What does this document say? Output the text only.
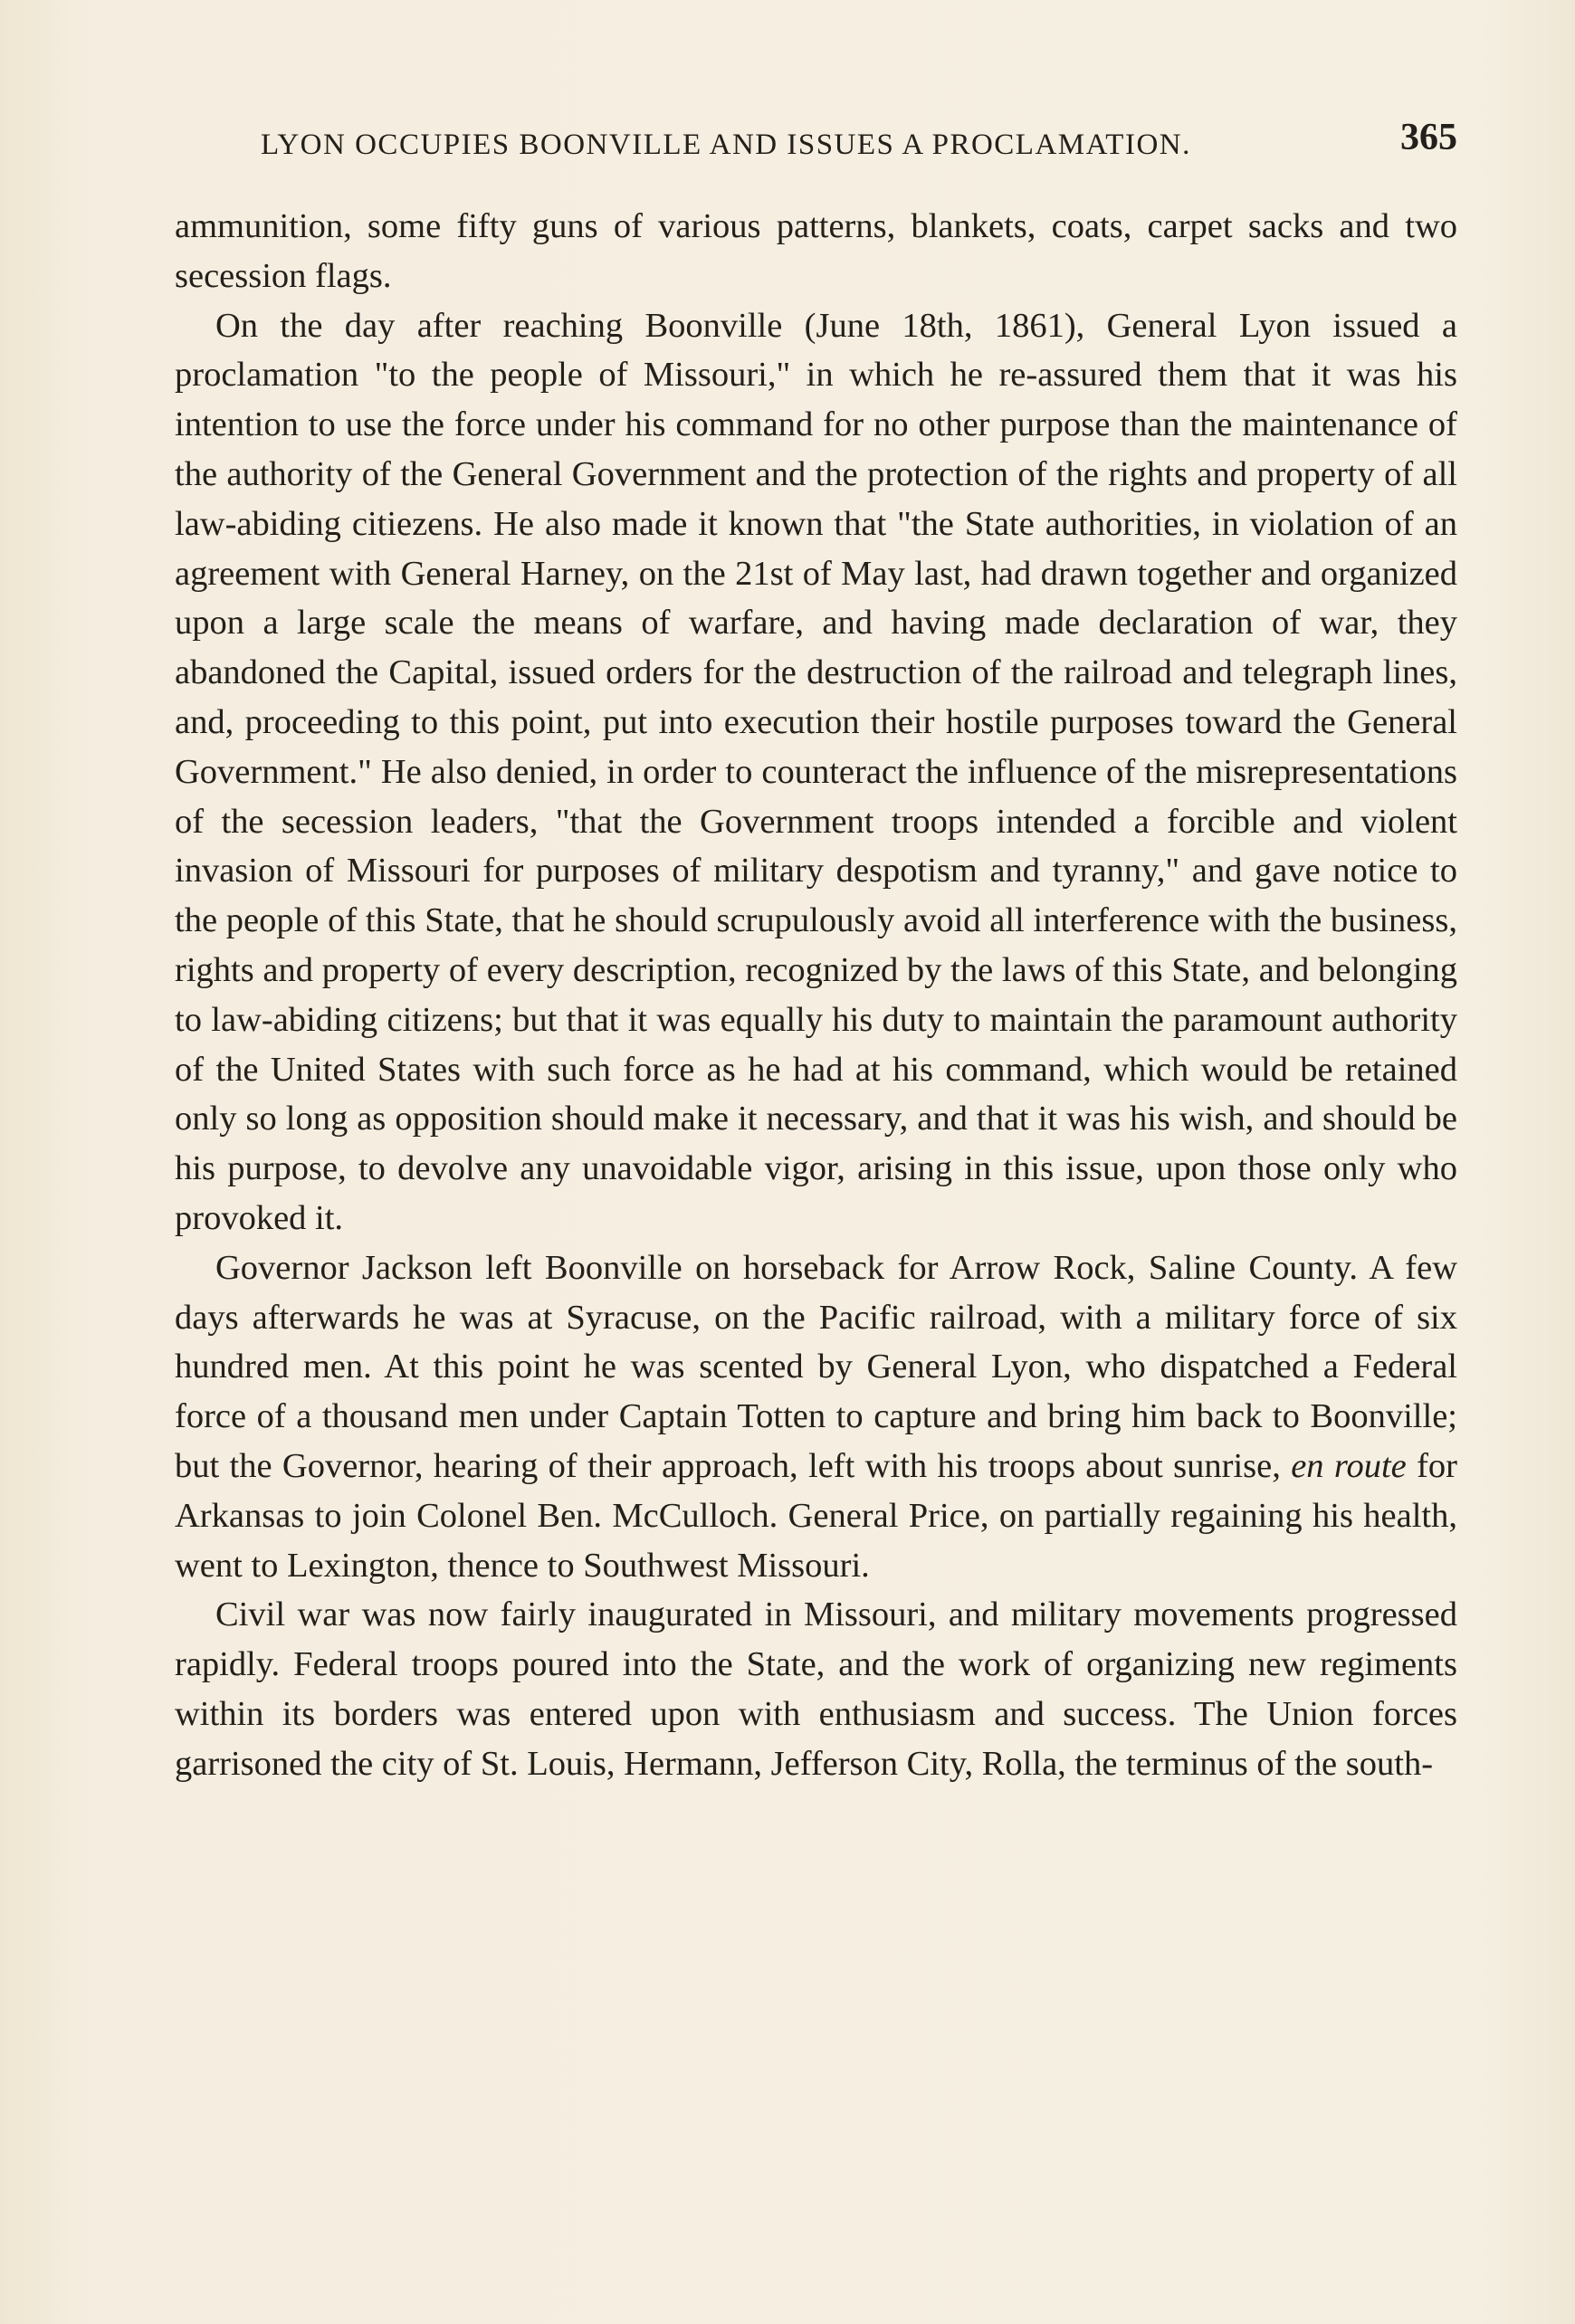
LYON OCCUPIES BOONVILLE AND ISSUES A PROCLAMATION.	365

ammunition, some fifty guns of various patterns, blankets, coats, carpet sacks and two secession flags.

On the day after reaching Boonville (June 18th, 1861), General Lyon issued a proclamation "to the people of Missouri," in which he re-assured them that it was his intention to use the force under his command for no other purpose than the maintenance of the authority of the General Government and the protection of the rights and property of all law-abiding citiezens. He also made it known that "the State authorities, in violation of an agreement with General Harney, on the 21st of May last, had drawn together and organized upon a large scale the means of warfare, and having made declaration of war, they abandoned the Capital, issued orders for the destruction of the railroad and telegraph lines, and, proceeding to this point, put into execution their hostile purposes toward the General Government." He also denied, in order to counteract the influence of the misrepresentations of the secession leaders, "that the Government troops intended a forcible and violent invasion of Missouri for purposes of military despotism and tyranny," and gave notice to the people of this State, that he should scrupulously avoid all interference with the business, rights and property of every description, recognized by the laws of this State, and belonging to law-abiding citizens; but that it was equally his duty to maintain the paramount authority of the United States with such force as he had at his command, which would be retained only so long as opposition should make it necessary, and that it was his wish, and should be his purpose, to devolve any unavoidable vigor, arising in this issue, upon those only who provoked it.

Governor Jackson left Boonville on horseback for Arrow Rock, Saline County. A few days afterwards he was at Syracuse, on the Pacific railroad, with a military force of six hundred men. At this point he was scented by General Lyon, who dispatched a Federal force of a thousand men under Captain Totten to capture and bring him back to Boonville; but the Governor, hearing of their approach, left with his troops about sunrise, en route for Arkansas to join Colonel Ben. McCulloch. General Price, on partially regaining his health, went to Lexington, thence to Southwest Missouri.

Civil war was now fairly inaugurated in Missouri, and military movements progressed rapidly. Federal troops poured into the State, and the work of organizing new regiments within its borders was entered upon with enthusiasm and success. The Union forces garrisoned the city of St. Louis, Hermann, Jefferson City, Rolla, the terminus of the south-
